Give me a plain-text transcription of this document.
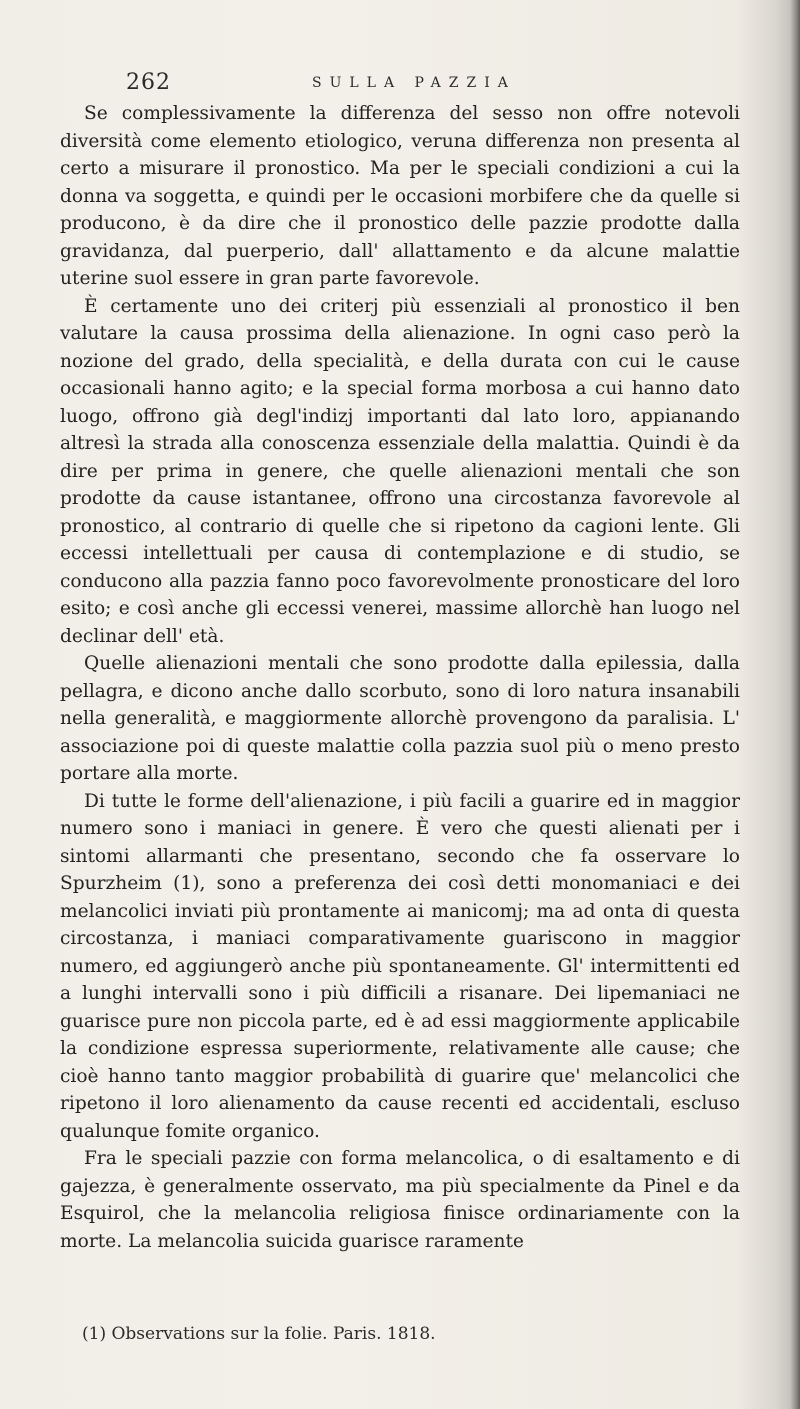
262	SULLA PAZZIA

Se complessivamente la differenza del sesso non offre notevoli diversità come elemento etiologico, veruna differenza non presenta al certo a misurare il pronostico. Ma per le speciali condizioni a cui la donna va soggetta, e quindi per le occasioni morbifere che da quelle si producono, è da dire che il pronostico delle pazzie prodotte dalla gravidanza, dal puerperio, dall' allattamento e da alcune malattie uterine suol essere in gran parte favorevole.

È certamente uno dei criterj più essenziali al pronostico il ben valutare la causa prossima della alienazione. In ogni caso però la nozione del grado, della specialità, e della durata con cui le cause occasionali hanno agito; e la special forma morbosa a cui hanno dato luogo, offrono già degl'indizj importanti dal lato loro, appianando altresì la strada alla conoscenza essenziale della malattia. Quindi è da dire per prima in genere, che quelle alienazioni mentali che son prodotte da cause istantanee, offrono una circostanza favorevole al pronostico, al contrario di quelle che si ripetono da cagioni lente. Gli eccessi intellettuali per causa di contemplazione e di studio, se conducono alla pazzia fanno poco favorevolmente pronosticare del loro esito; e così anche gli eccessi venerei, massime allorchè han luogo nel declinar dell' età.

Quelle alienazioni mentali che sono prodotte dalla epilessia, dalla pellagra, e dicono anche dallo scorbuto, sono di loro natura insanabili nella generalità, e maggiormente allorchè provengono da paralisia. L' associazione poi di queste malattie colla pazzia suol più o meno presto portare alla morte.

Di tutte le forme dell'alienazione, i più facili a guarire ed in maggior numero sono i maniaci in genere. È vero che questi alienati per i sintomi allarmanti che presentano, secondo che fa osservare lo Spurzheim (1), sono a preferenza dei così detti monomaniaci e dei melancolici inviati più prontamente ai manicomj; ma ad onta di questa circostanza, i maniaci comparativamente guariscono in maggior numero, ed aggiungerò anche più spontaneamente. Gl' intermittenti ed a lunghi intervalli sono i più difficili a risanare. Dei lipemaniaci ne guarisce pure non piccola parte, ed è ad essi maggiormente applicabile la condizione espressa superiormente, relativamente alle cause; che cioè hanno tanto maggior probabilità di guarire que' melancolici che ripetono il loro alienamento da cause recenti ed accidentali, escluso qualunque fomite organico.

Fra le speciali pazzie con forma melancolica, o di esaltamento e di gajezza, è generalmente osservato, ma più specialmente da Pinel e da Esquirol, che la melancolia religiosa finisce ordinariamente con la morte. La melancolia suicida guarisce raramente

(1) Observations sur la folie. Paris. 1818.
